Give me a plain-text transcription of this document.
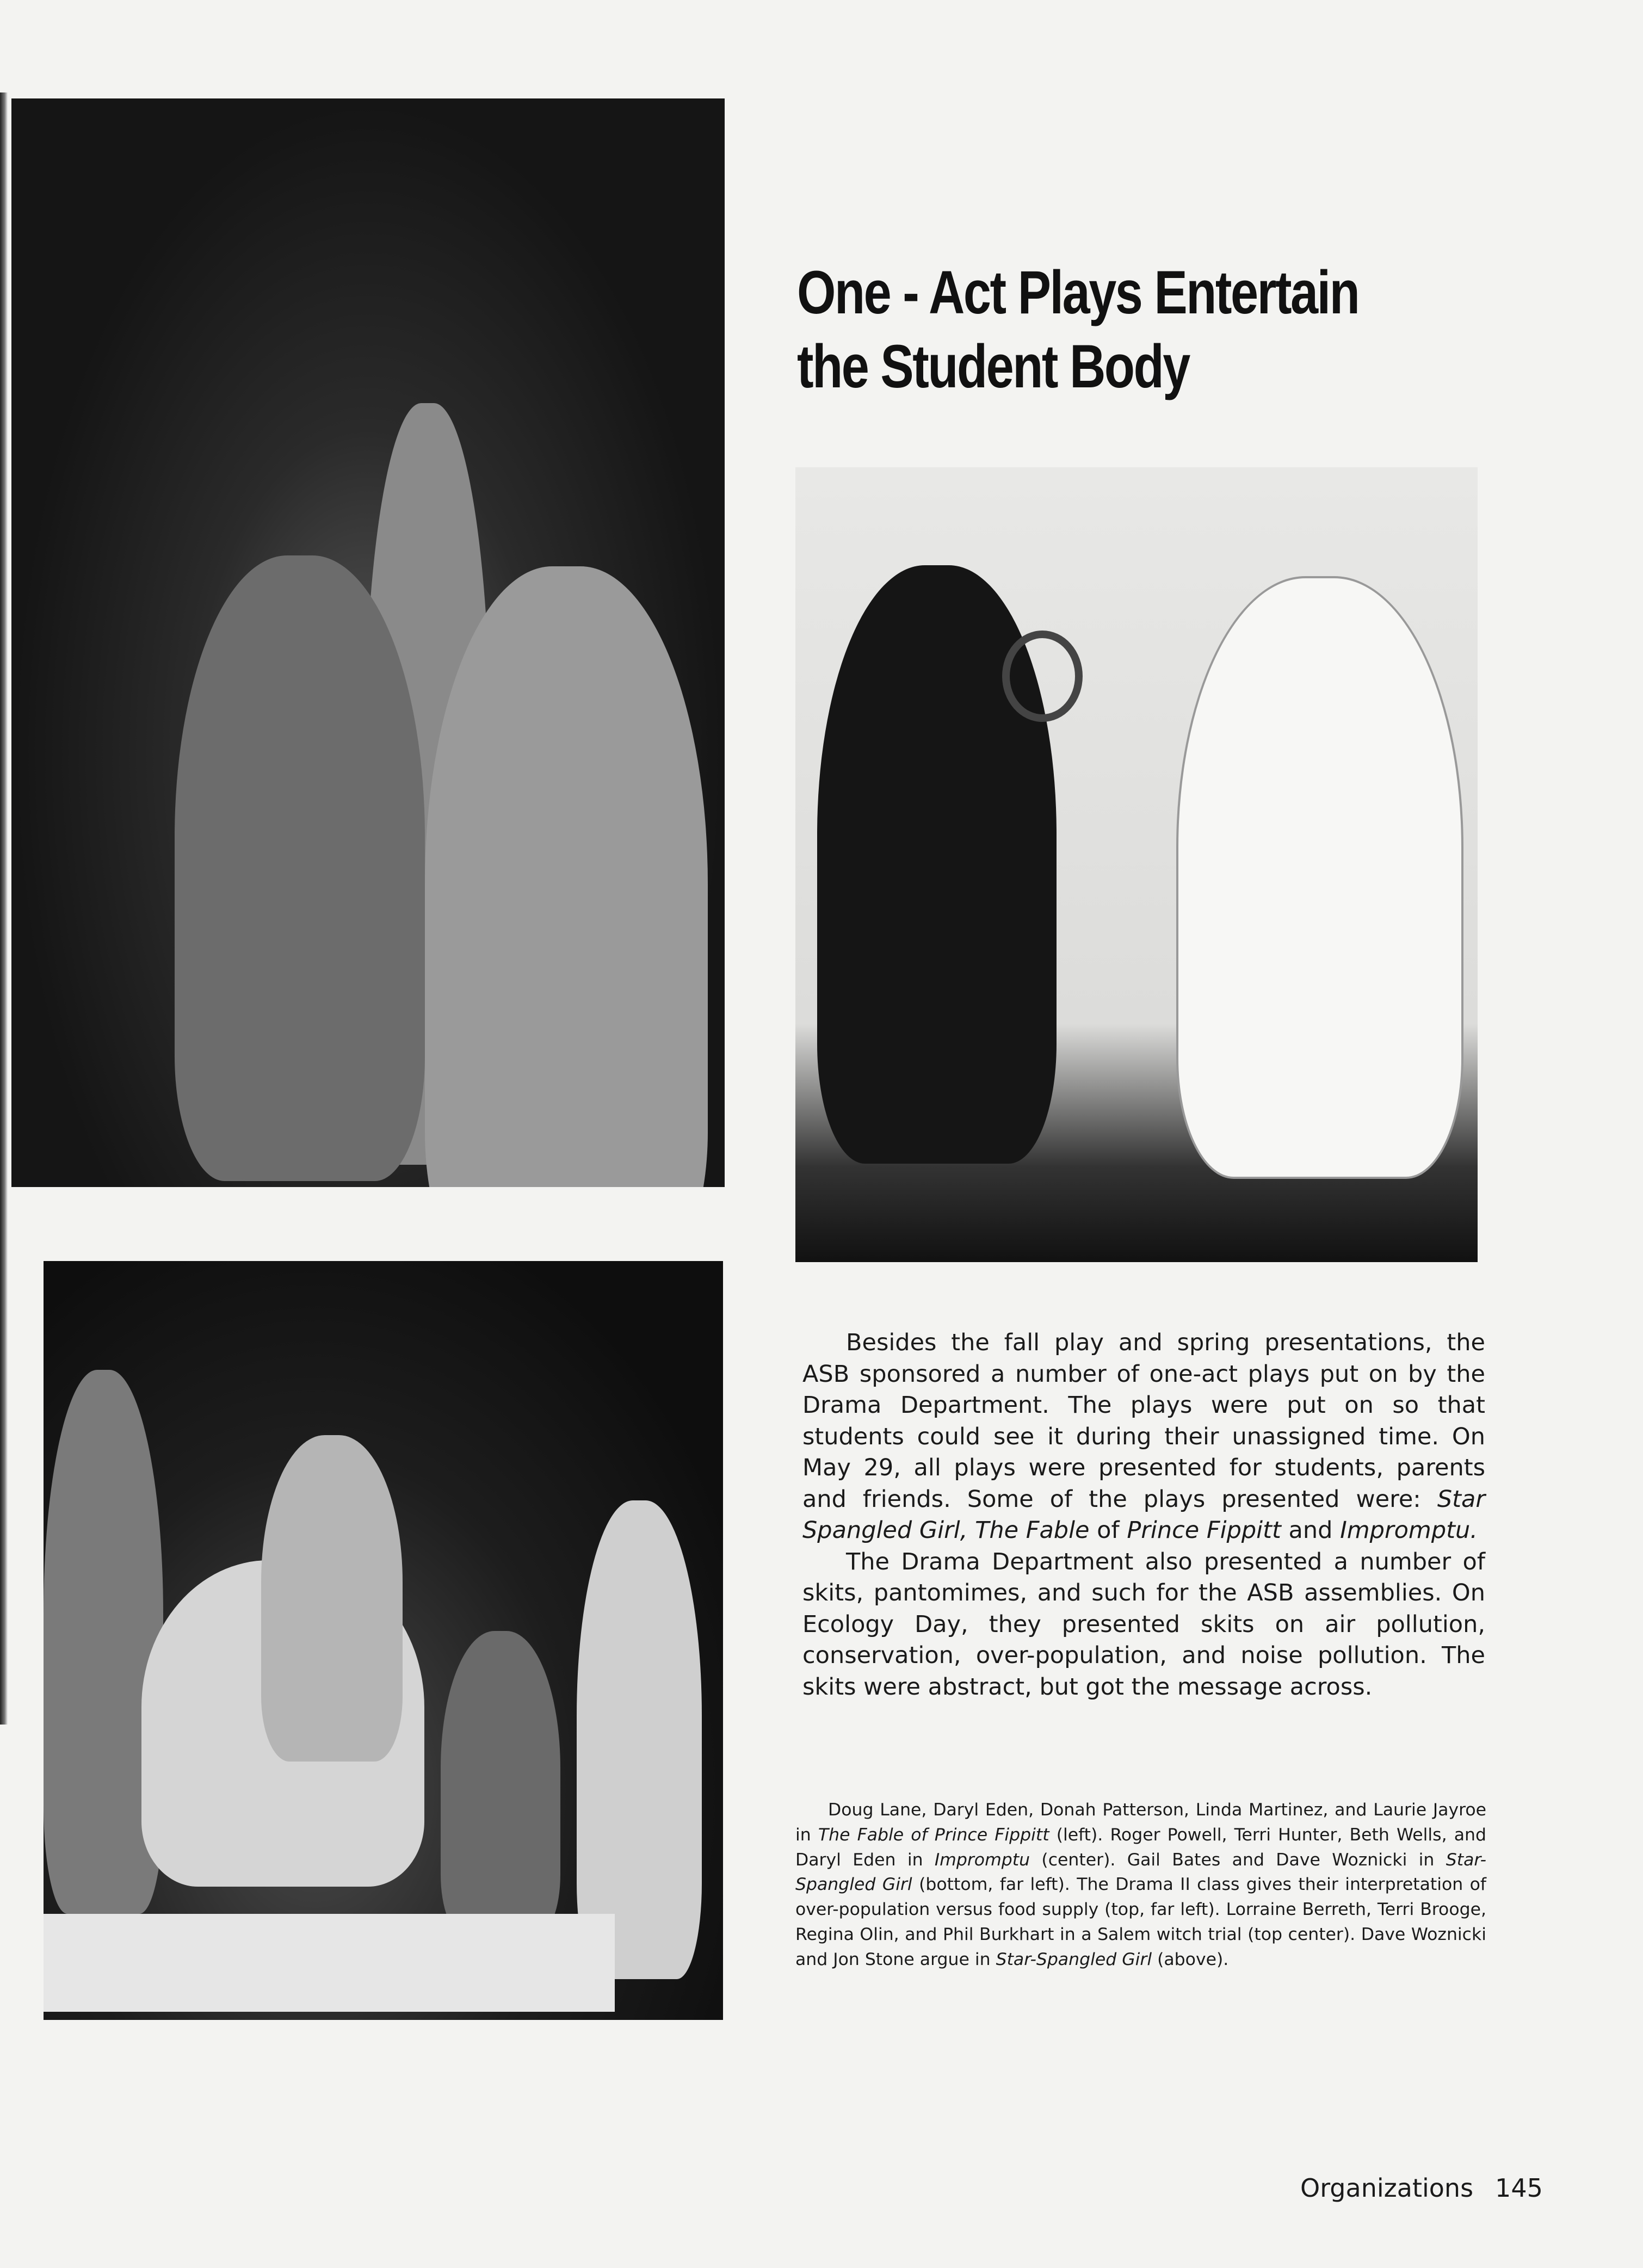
One - Act Plays Entertain
the Student Body

Besides the fall play and spring presentations, the ASB sponsored a number of one-act plays put on by the Drama Department. The plays were put on so that students could see it during their unassigned time. On May 29, all plays were presented for students, parents and friends. Some of the plays presented were: Star Spangled Girl, The Fable of Prince Fippitt and Impromptu.

The Drama Department also presented a number of skits, pantomimes, and such for the ASB assemblies. On Ecology Day, they presented skits on air pollution, conservation, over-population, and noise pollution. The skits were abstract, but got the message across.

Doug Lane, Daryl Eden, Donah Patterson, Linda Martinez, and Laurie Jayroe in The Fable of Prince Fippitt (left). Roger Powell, Terri Hunter, Beth Wells, and Daryl Eden in Impromptu (center). Gail Bates and Dave Woznicki in Star- Spangled Girl (bottom, far left). The Drama II class gives their interpretation of over-population versus food supply (top, far left). Lorraine Berreth, Terri Brooge, Regina Olin, and Phil Burkhart in a Salem witch trial (top center). Dave Woznicki and Jon Stone argue in Star-Spangled Girl (above).
Organizations 145
